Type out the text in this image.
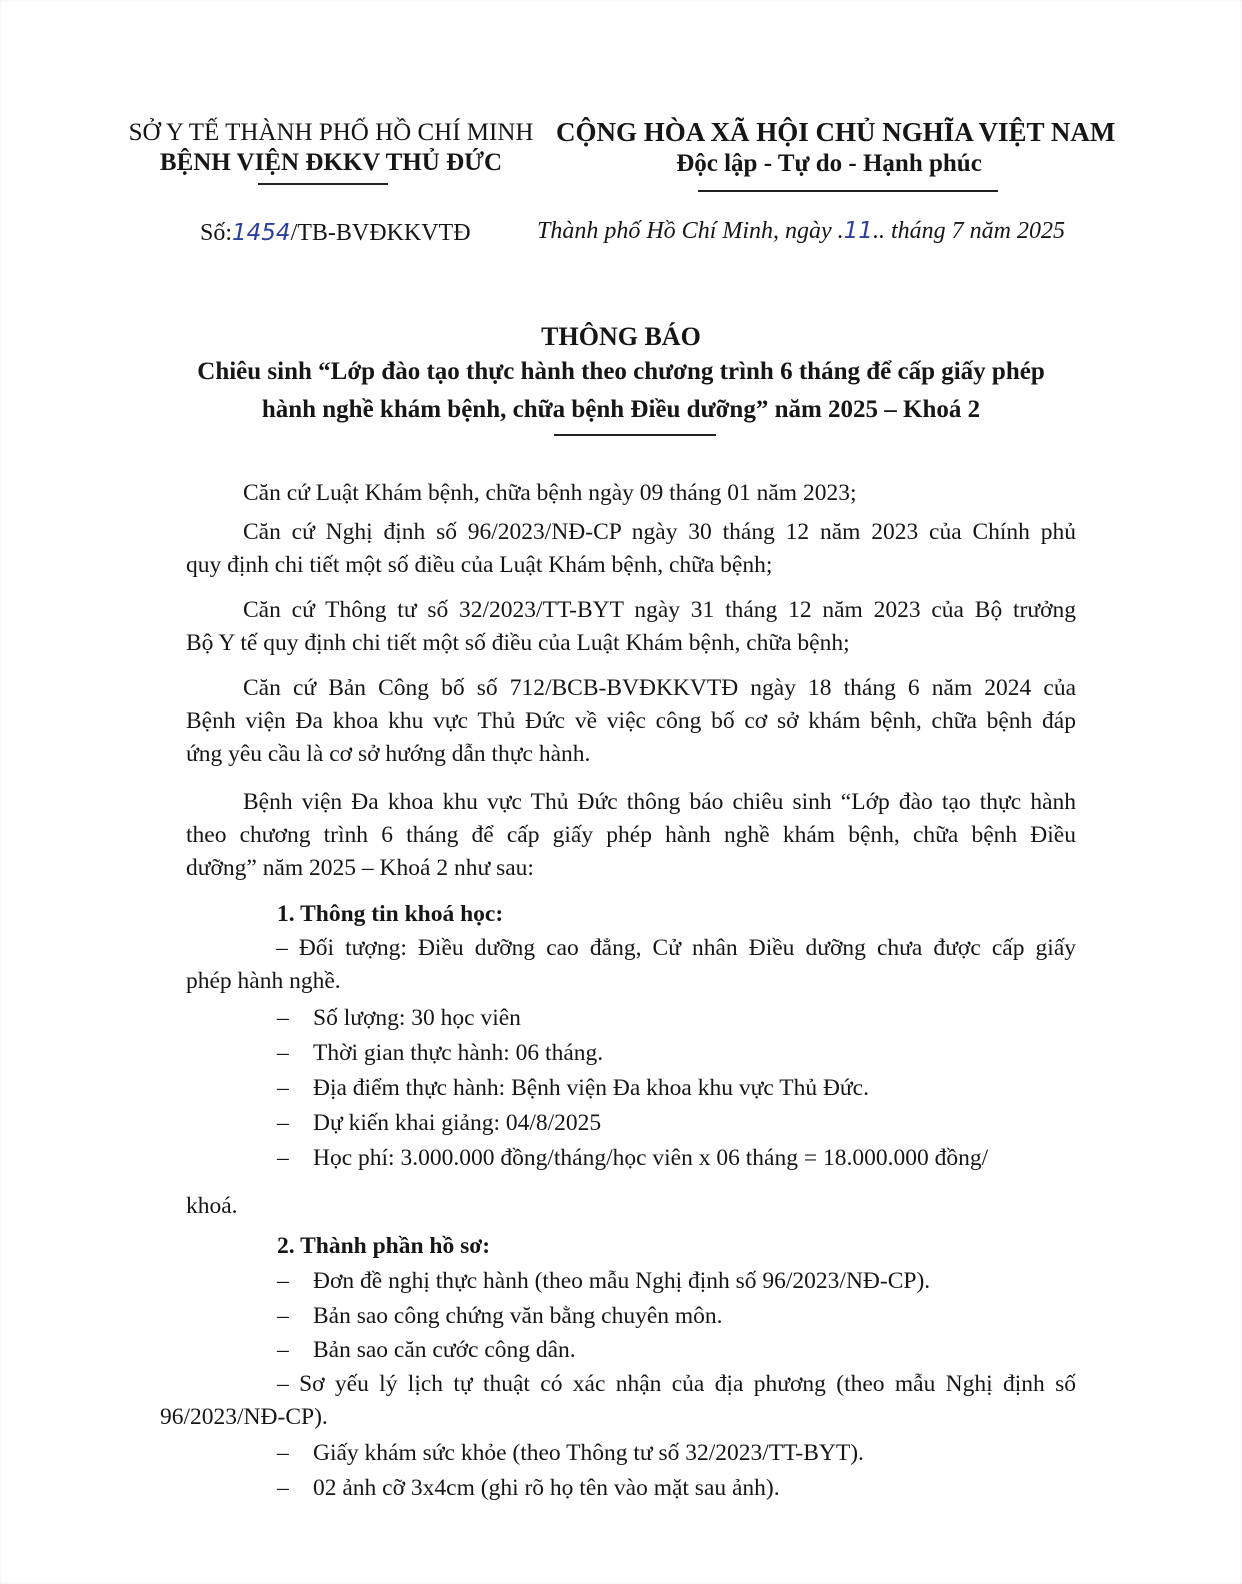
SỞ Y TẾ THÀNH PHỐ HỒ CHÍ MINH
BỆNH VIỆN ĐKKV THỦ ĐỨC
CỘNG HÒA XÃ HỘI CHỦ NGHĨA VIỆT NAM
Độc lập - Tự do - Hạnh phúc
Số:1454/TB-BVĐKKVTĐ	Thành phố Hồ Chí Minh, ngày .11.. tháng 7 năm 2025
THÔNG BÁO
Chiêu sinh “Lớp đào tạo thực hành theo chương trình 6 tháng để cấp giấy phép
hành nghề khám bệnh, chữa bệnh Điều dưỡng” năm 2025 – Khoá 2
Căn cứ Luật Khám bệnh, chữa bệnh ngày 09 tháng 01 năm 2023;
Căn cứ Nghị định số 96/2023/NĐ-CP ngày 30 tháng 12 năm 2023 của Chính phủ
quy định chi tiết một số điều của Luật Khám bệnh, chữa bệnh;
Căn cứ Thông tư số 32/2023/TT-BYT ngày 31 tháng 12 năm 2023 của Bộ trưởng
Bộ Y tế quy định chi tiết một số điều của Luật Khám bệnh, chữa bệnh;
Căn cứ Bản Công bố số 712/BCB-BVĐKKVTĐ ngày 18 tháng 6 năm 2024 của
Bệnh viện Đa khoa khu vực Thủ Đức về việc công bố cơ sở khám bệnh, chữa bệnh đáp
ứng yêu cầu là cơ sở hướng dẫn thực hành.
Bệnh viện Đa khoa khu vực Thủ Đức thông báo chiêu sinh “Lớp đào tạo thực hành
theo chương trình 6 tháng để cấp giấy phép hành nghề khám bệnh, chữa bệnh Điều
dưỡng” năm 2025 – Khoá 2 như sau:
1. Thông tin khoá học:
– Đối tượng: Điều dưỡng cao đẳng, Cử nhân Điều dưỡng chưa được cấp giấy
phép hành nghề.
– Số lượng: 30 học viên
– Thời gian thực hành: 06 tháng.
– Địa điểm thực hành: Bệnh viện Đa khoa khu vực Thủ Đức.
– Dự kiến khai giảng: 04/8/2025
– Học phí: 3.000.000 đồng/tháng/học viên x 06 tháng = 18.000.000 đồng/
khoá.
2. Thành phần hồ sơ:
– Đơn đề nghị thực hành (theo mẫu Nghị định số 96/2023/NĐ-CP).
– Bản sao công chứng văn bằng chuyên môn.
– Bản sao căn cước công dân.
– Sơ yếu lý lịch tự thuật có xác nhận của địa phương (theo mẫu Nghị định số
96/2023/NĐ-CP).
– Giấy khám sức khỏe (theo Thông tư số 32/2023/TT-BYT).
– 02 ảnh cỡ 3x4cm (ghi rõ họ tên vào mặt sau ảnh).
